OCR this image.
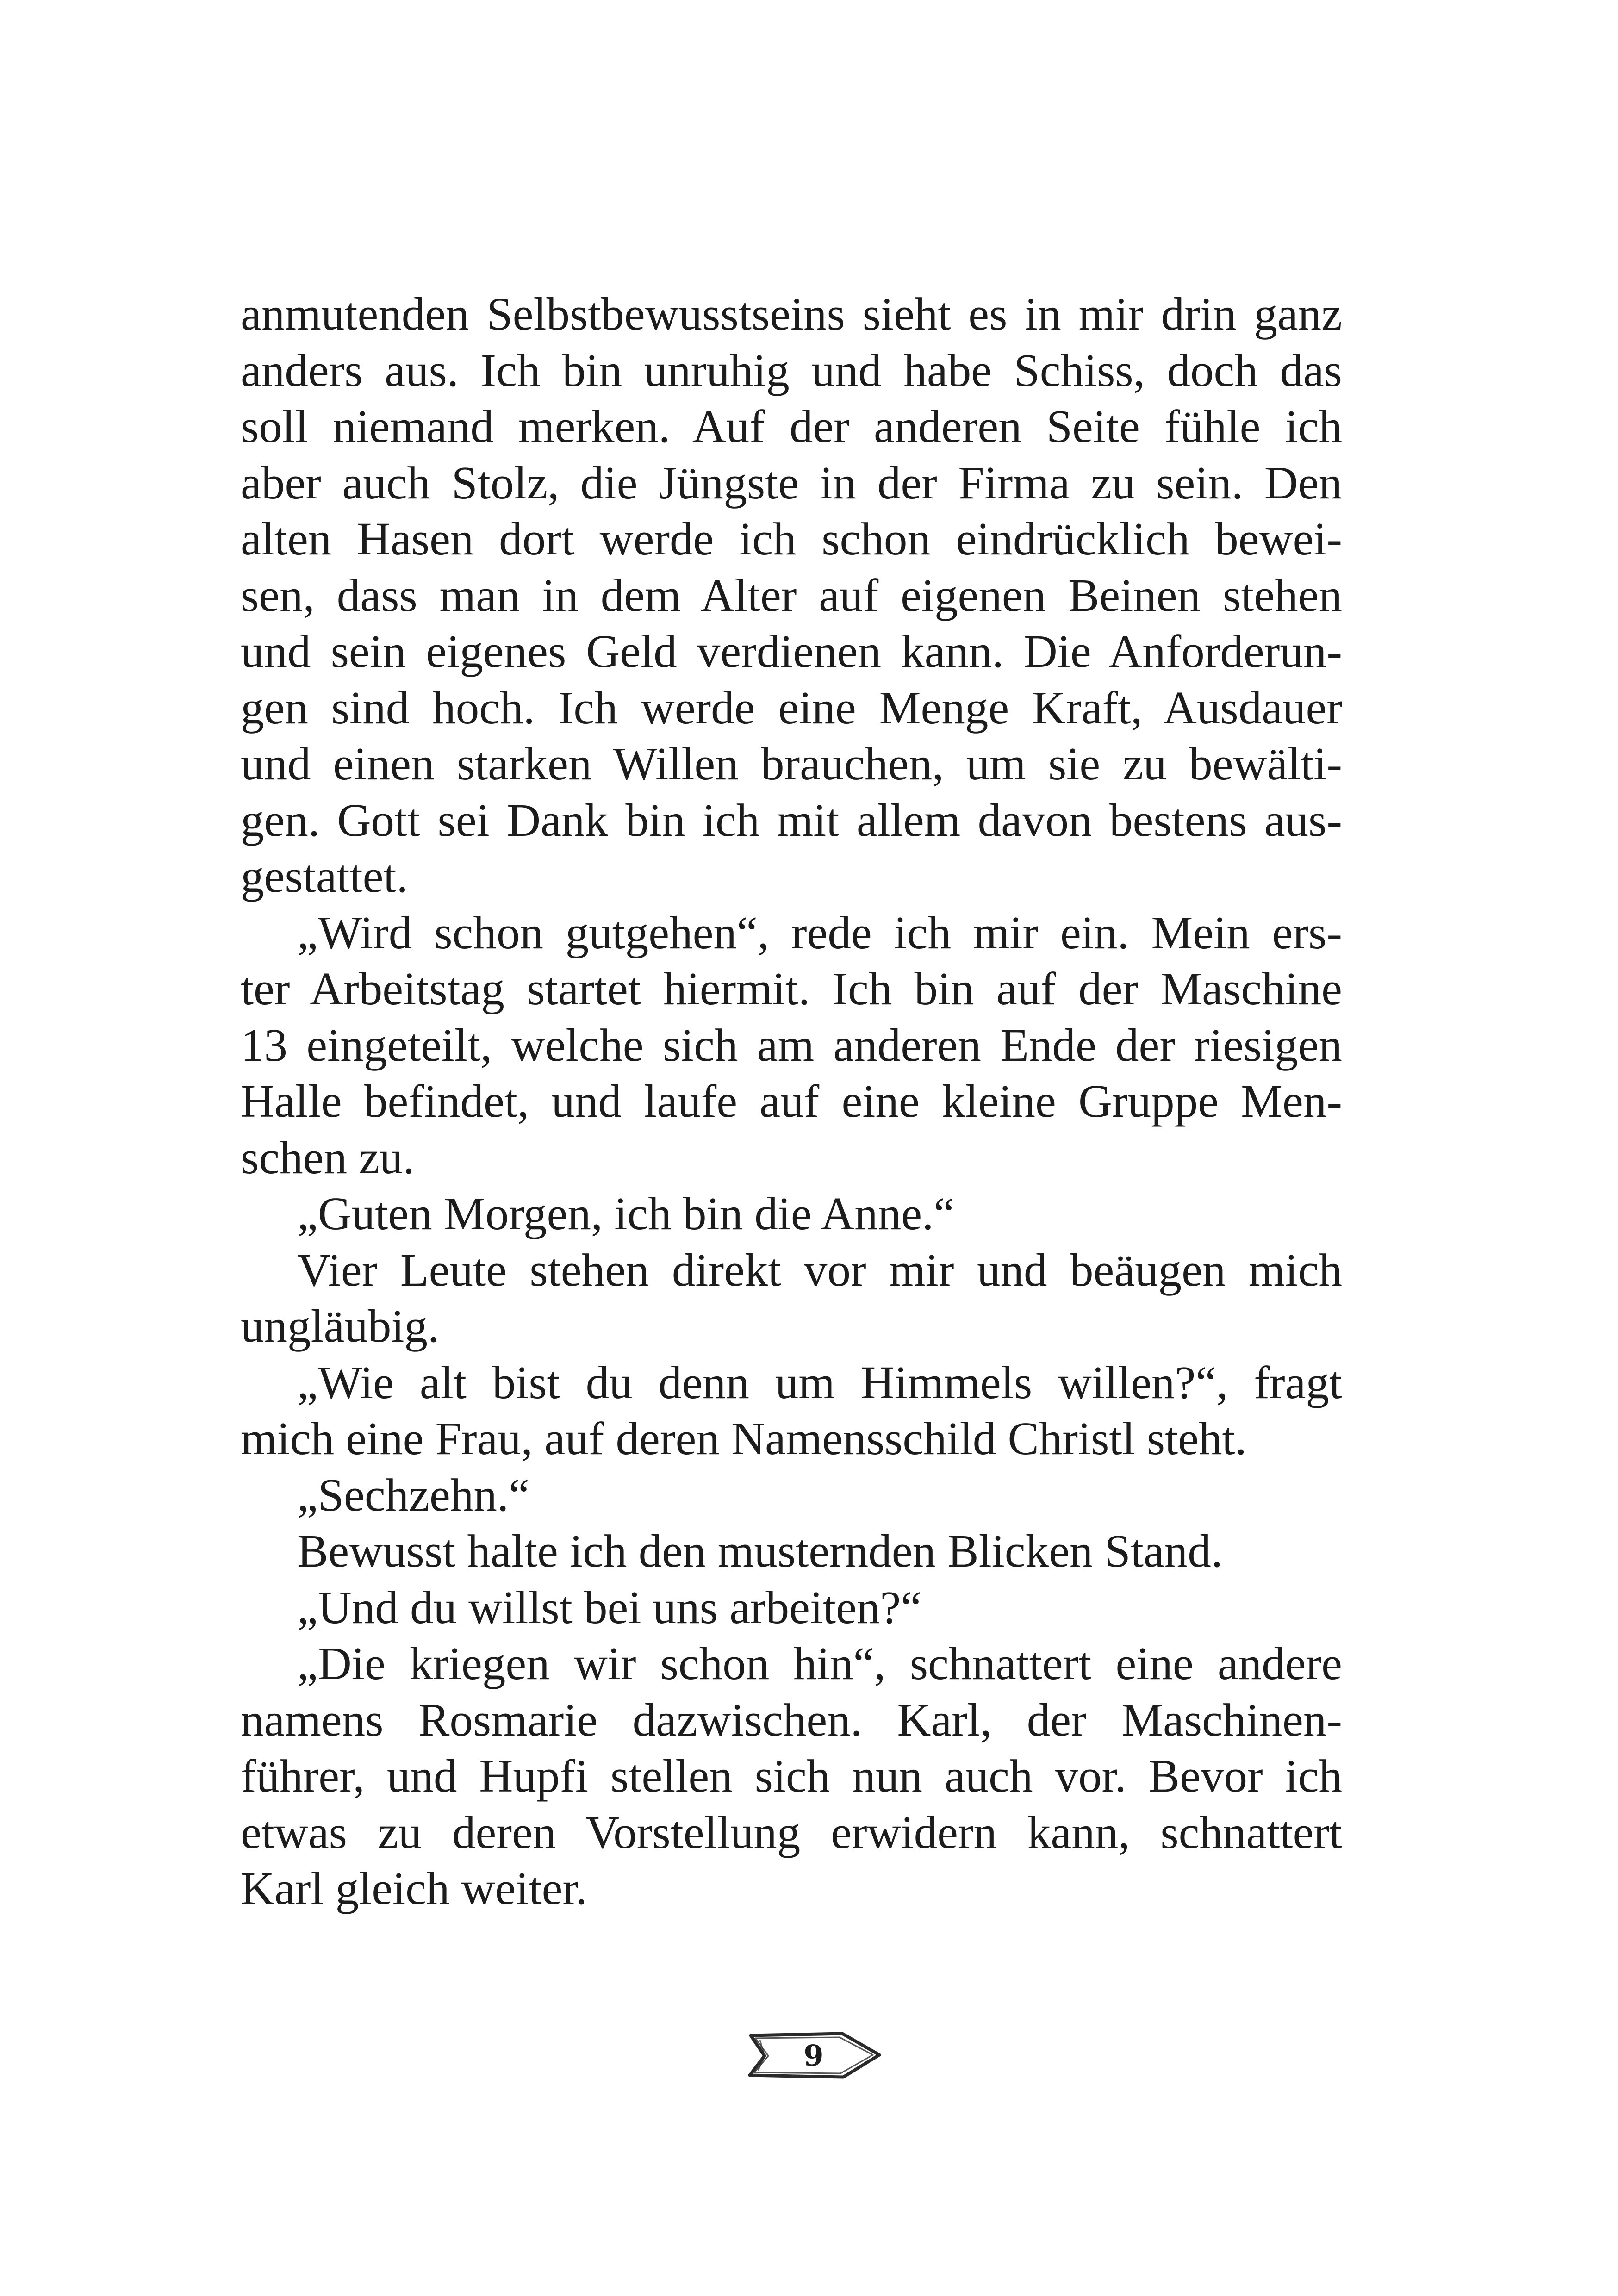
anmutenden Selbstbewusstseins sieht es in mir drin ganz
anders aus. Ich bin unruhig und habe Schiss, doch das
soll niemand merken. Auf der anderen Seite fühle ich
aber auch Stolz, die Jüngste in der Firma zu sein. Den
alten Hasen dort werde ich schon eindrücklich bewei-
sen, dass man in dem Alter auf eigenen Beinen stehen
und sein eigenes Geld verdienen kann. Die Anforderun-
gen sind hoch. Ich werde eine Menge Kraft, Ausdauer
und einen starken Willen brauchen, um sie zu bewälti-
gen. Gott sei Dank bin ich mit allem davon bestens aus-
gestattet.
„Wird schon gutgehen“, rede ich mir ein. Mein ers-
ter Arbeitstag startet hiermit. Ich bin auf der Maschine
13 eingeteilt, welche sich am anderen Ende der riesigen
Halle befindet, und laufe auf eine kleine Gruppe Men-
schen zu.
„Guten Morgen, ich bin die Anne.“
Vier Leute stehen direkt vor mir und beäugen mich
ungläubig.
„Wie alt bist du denn um Himmels willen?“, fragt
mich eine Frau, auf deren Namensschild Christl steht.
„Sechzehn.“
Bewusst halte ich den musternden Blicken Stand.
„Und du willst bei uns arbeiten?“
„Die kriegen wir schon hin“, schnattert eine andere
namens Rosmarie dazwischen. Karl, der Maschinen-
führer, und Hupfi stellen sich nun auch vor. Bevor ich
etwas zu deren Vorstellung erwidern kann, schnattert
Karl gleich weiter.
9
